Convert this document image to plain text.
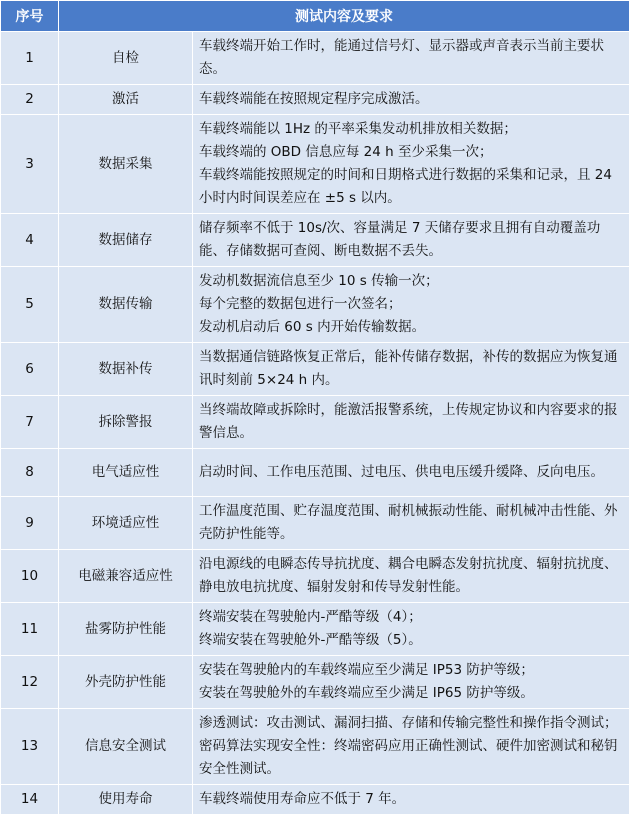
序号	测试内容及要求	
1	自检	车载终端开始工作时，能通过信号灯、显示器或声音表示当前主要状态。

2	激活	车载终端能在按照规定程序完成激活。

3	数据采集	车载终端能以 1Hz 的平率采集发动机排放相关数据；
车载终端的 OBD 信息应每 24 h 至少采集一次；
车载终端能按照规定的时间和日期格式进行数据的采集和记录，且 24 小时内时间误差应在 ±5 s 以内。

4	数据储存	储存频率不低于 10s/次、容量满足 7 天储存要求且拥有自动覆盖功能、存储数据可查阅、断电数据不丢失。

5	数据传输	发动机数据流信息至少 10 s 传输一次；
每个完整的数据包进行一次签名；
发动机启动后 60 s 内开始传输数据。

6	数据补传	当数据通信链路恢复正常后，能补传储存数据，补传的数据应为恢复通讯时刻前 5×24 h 内。

7	拆除警报	当终端故障或拆除时，能激活报警系统，上传规定协议和内容要求的报警信息。

8	电气适应性	启动时间、工作电压范围、过电压、供电电压缓升缓降、反向电压。

9	环境适应性	工作温度范围、贮存温度范围、耐机械振动性能、耐机械冲击性能、外壳防护性能等。

10	电磁兼容适应性	沿电源线的电瞬态传导抗扰度、耦合电瞬态发射抗扰度、辐射抗扰度、静电放电抗扰度、辐射发射和传导发射性能。

11	盐雾防护性能	终端安装在驾驶舱内-严酷等级（4）；
终端安装在驾驶舱外-严酷等级（5）。

12	外壳防护性能	安装在驾驶舱内的车载终端应至少满足 IP53 防护等级；
安装在驾驶舱外的车载终端应至少满足 IP65 防护等级。

13	信息安全测试	渗透测试：攻击测试、漏洞扫描、存储和传输完整性和操作指令测试；
密码算法实现安全性：终端密码应用正确性测试、硬件加密测试和秘钥安全性测试。

14	使用寿命	车载终端使用寿命应不低于 7 年。
